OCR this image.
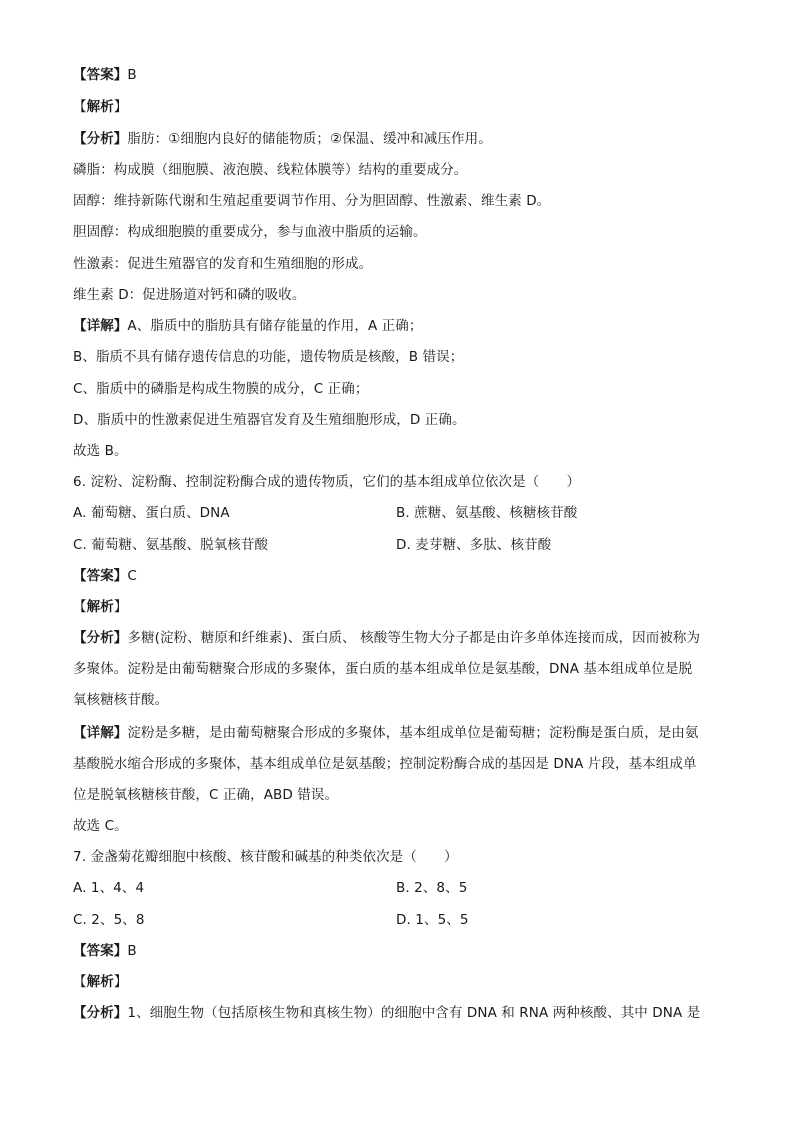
【答案】B
【解析】
【分析】脂肪：①细胞内良好的储能物质；②保温、缓冲和减压作用。
磷脂：构成膜（细胞膜、液泡膜、线粒体膜等）结构的重要成分。
固醇：维持新陈代谢和生殖起重要调节作用、分为胆固醇、性激素、维生素 D。
胆固醇：构成细胞膜的重要成分，参与血液中脂质的运输。
性激素：促进生殖器官的发育和生殖细胞的形成。
维生素 D：促进肠道对钙和磷的吸收。
【详解】A、脂质中的脂肪具有储存能量的作用，A 正确；
B、脂质不具有储存遗传信息的功能，遗传物质是核酸，B 错误；
C、脂质中的磷脂是构成生物膜的成分，C 正确；
D、脂质中的性激素促进生殖器官发育及生殖细胞形成，D 正确。
故选 B。
6. 淀粉、淀粉酶、控制淀粉酶合成的遗传物质，它们的基本组成单位依次是（　　）
A. 葡萄糖、蛋白质、DNA	B. 蔗糖、氨基酸、核糖核苷酸
C. 葡萄糖、氨基酸、脱氧核苷酸	D. 麦芽糖、多肽、核苷酸
【答案】C
【解析】
【分析】多糖(淀粉、糖原和纤维素)、蛋白质、 核酸等生物大分子都是由许多单体连接而成，因而被称为
多聚体。淀粉是由葡萄糖聚合形成的多聚体，蛋白质的基本组成单位是氨基酸，DNA 基本组成单位是脱
氧核糖核苷酸。
【详解】淀粉是多糖，是由葡萄糖聚合形成的多聚体，基本组成单位是葡萄糖；淀粉酶是蛋白质，是由氨
基酸脱水缩合形成的多聚体，基本组成单位是氨基酸；控制淀粉酶合成的基因是 DNA 片段，基本组成单
位是脱氧核糖核苷酸，C 正确，ABD 错误。
故选 C。
7. 金盏菊花瓣细胞中核酸、核苷酸和碱基的种类依次是（　　）
A. 1、4、4	B. 2、8、5
C. 2、5、8	D. 1、5、5
【答案】B
【解析】
【分析】1、细胞生物（包括原核生物和真核生物）的细胞中含有 DNA 和 RNA 两种核酸、其中 DNA 是
